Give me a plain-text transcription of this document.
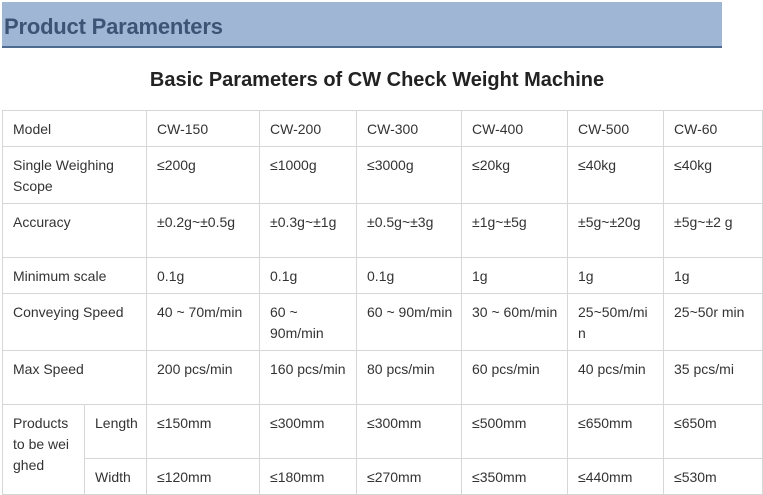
Product Paramenters
Basic Parameters of CW Check Weight Machine
Model		CW-150	CW-200	CW-300	CW-400	CW-500	CW-60
Single Weighing Scope		≤200g	≤1000g	≤3000g	≤20kg	≤40kg	≤40kg
Accuracy		±0.2g~±0.5g	±0.3g~±1g	±0.5g~±3g	±1g~±5g	±5g~±20g	±5g~±2 g
Minimum scale		0.1g	0.1g	0.1g	1g	1g	1g
Conveying Speed		40 ~ 70m/min	60 ~ 90m/min	60 ~ 90m/min	30 ~ 60m/min	25~50m/min	25~50r min
Max Speed		200 pcs/min	160 pcs/min	80 pcs/min	60 pcs/min	40 pcs/min	35 pcs/mi
Products to be weighed	Length	≤150mm	≤300mm	≤300mm	≤500mm	≤650mm	≤650m
	Width	≤120mm	≤180mm	≤270mm	≤350mm	≤440mm	≤530m
